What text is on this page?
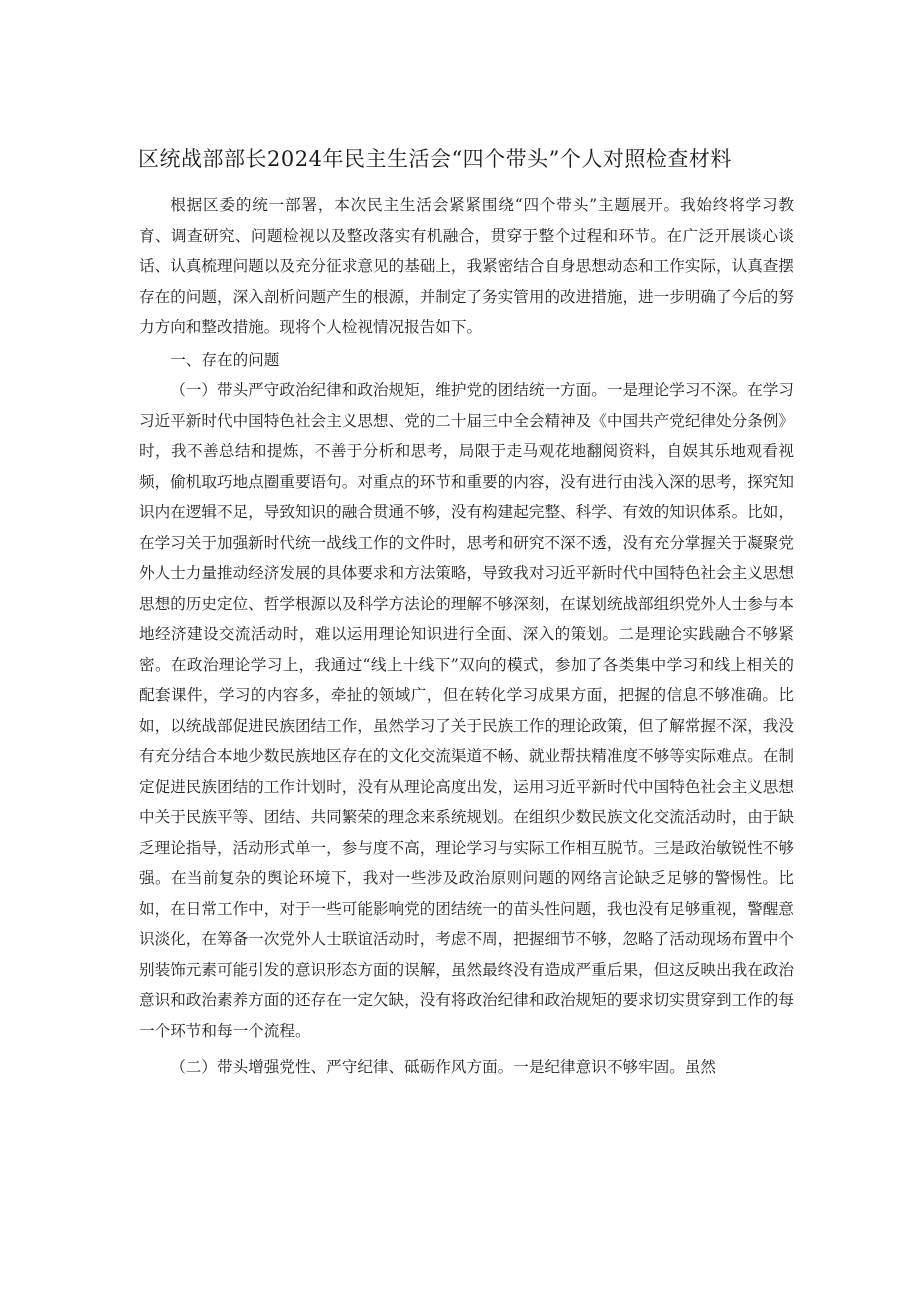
区统战部部长2024年民主生活会“四个带头”个人对照检查材料

根据区委的统一部署，本次民主生活会紧紧围绕“四个带头”主题展开。我始终将学习教育、调查研究、问题检视以及整改落实有机融合，贯穿于整个过程和环节。在广泛开展谈心谈话、认真梳理问题以及充分征求意见的基础上，我紧密结合自身思想动态和工作实际，认真查摆存在的问题，深入剖析问题产生的根源，并制定了务实管用的改进措施，进一步明确了今后的努力方向和整改措施。现将个人检视情况报告如下。

一、存在的问题

（一）带头严守政治纪律和政治规矩，维护党的团结统一方面。一是理论学习不深。在学习习近平新时代中国特色社会主义思想、党的二十届三中全会精神及《中国共产党纪律处分条例》时，我不善总结和提炼，不善于分析和思考，局限于走马观花地翻阅资料，自娱其乐地观看视频，偷机取巧地点圈重要语句。对重点的环节和重要的内容，没有进行由浅入深的思考，探究知识内在逻辑不足，导致知识的融合贯通不够，没有构建起完整、科学、有效的知识体系。比如，在学习关于加强新时代统一战线工作的文件时，思考和研究不深不透，没有充分掌握关于凝聚党外人士力量推动经济发展的具体要求和方法策略，导致我对习近平新时代中国特色社会主义思想思想的历史定位、哲学根源以及科学方法论的理解不够深刻，在谋划统战部组织党外人士参与本地经济建设交流活动时，难以运用理论知识进行全面、深入的策划。二是理论实践融合不够紧密。在政治理论学习上，我通过“线上十线下”双向的模式，参加了各类集中学习和线上相关的配套课件，学习的内容多，牵扯的领域广，但在转化学习成果方面，把握的信息不够准确。比如，以统战部促进民族团结工作，虽然学习了关于民族工作的理论政策，但了解常握不深，我没有充分结合本地少数民族地区存在的文化交流渠道不畅、就业帮扶精准度不够等实际难点。在制定促进民族团结的工作计划时，没有从理论高度出发，运用习近平新时代中国特色社会主义思想中关于民族平等、团结、共同繁荣的理念来系统规划。在组织少数民族文化交流活动时，由于缺乏理论指导，活动形式单一，参与度不高，理论学习与实际工作相互脱节。三是政治敏锐性不够强。在当前复杂的舆论环境下，我对一些涉及政治原则问题的网络言论缺乏足够的警惕性。比如，在日常工作中，对于一些可能影响党的团结统一的苗头性问题，我也没有足够重视，警醒意识淡化，在筹备一次党外人士联谊活动时，考虑不周，把握细节不够，忽略了活动现场布置中个别装饰元素可能引发的意识形态方面的误解，虽然最终没有造成严重后果，但这反映出我在政治意识和政治素养方面的还存在一定欠缺，没有将政治纪律和政治规矩的要求切实贯穿到工作的每一个环节和每一个流程。

（二）带头增强党性、严守纪律、砥砺作风方面。一是纪律意识不够牢固。虽然
